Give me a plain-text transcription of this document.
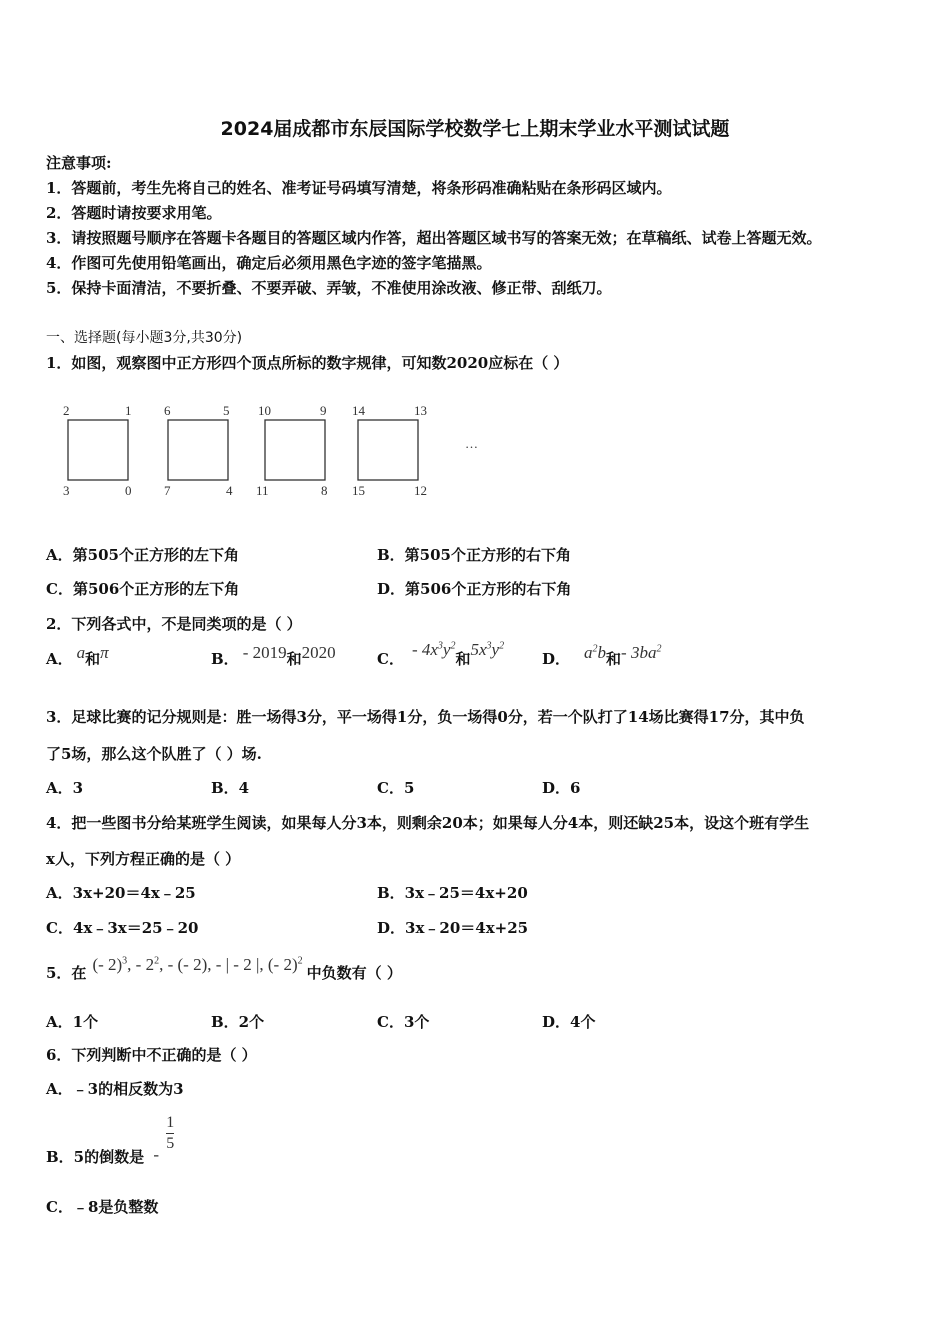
2024届成都市东辰国际学校数学七上期末学业水平测试试题
注意事项:
1．答题前，考生先将自己的姓名、准考证号码填写清楚，将条形码准确粘贴在条形码区域内。
2．答题时请按要求用笔。
3．请按照题号顺序在答题卡各题目的答题区域内作答，超出答题区域书写的答案无效；在草稿纸、试卷上答题无效。
4．作图可先使用铅笔画出，确定后必须用黑色字迹的签字笔描黑。
5．保持卡面清洁，不要折叠、不要弄破、弄皱，不准使用涂改液、修正带、刮纸刀。
一、选择题(每小题3分,共30分)
1．如图，观察图中正方形四个顶点所标的数字规律，可知数2020应标在（ ）
2	1
3	0
6	5
7	4
10	9
11	8
14	13
15	12
…
A．第505个正方形的左下角	B．第505个正方形的右下角
C．第506个正方形的左下角	D．第506个正方形的右下角
2．下列各式中，不是同类项的是（ ）
A． a和π	B． - 2019和2020	C． - $4x^3y^2$和$5x^3y^2$
D． $a^2b$和- $3ba^2$
3．足球比赛的记分规则是：胜一场得3分，平一场得1分，负一场得0分，若一个队打了14场比赛得17分，其中负
了5场，那么这个队胜了（ ）场.
A．3	B．4	C．5	D．6
4．把一些图书分给某班学生阅读，如果每人分3本，则剩余20本；如果每人分4本，则还缺25本，设这个班有学生
x人，下列方程正确的是（ ）
A．3x+20＝4x﹣25	B．3x﹣25＝4x+20
C．4x﹣3x＝25﹣20	D．3x﹣20＝4x+25
5．在 (- 2)$^3$, - $2^2$, - (- 2), - | - 2 |, (- 2)$^2$中负数有（ ）
A．1个	B．2个	C．3个	D．4个
6．下列判断中不正确的是（ ）
A．﹣3的相反数为3
B．5的倒数是 - $\frac{1}{5}$
C．﹣8是负整数
